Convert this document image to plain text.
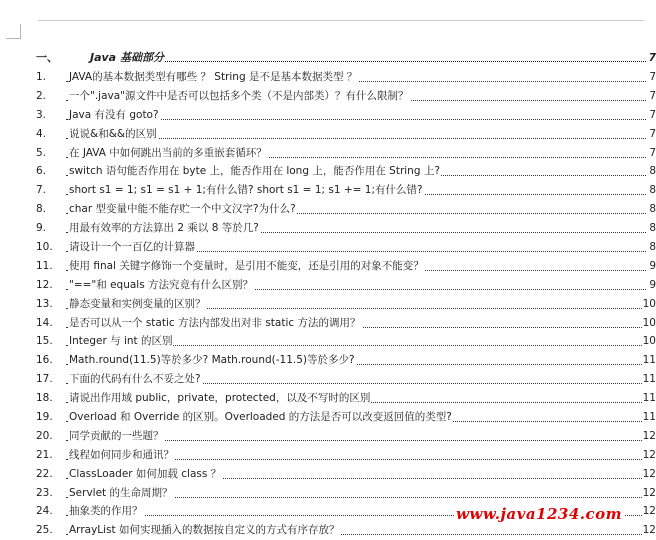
一、	Java 基础部分	7
1.	JAVA的基本数据类型有哪些 ？ String 是不是基本数据类型 ？	7
2.	一个".java"源文件中是否可以包括多个类（不是内部类）？有什么限制？	7
3.	Java 有没有 goto?	7
4.	说说&和&&的区别	7
5.	在 JAVA 中如何跳出当前的多重嵌套循环？	7
6.	switch 语句能否作用在 byte 上，能否作用在 long 上，能否作用在 String 上?	8
7.	short s1 = 1; s1 = s1 + 1;有什么错? short s1 = 1; s1 += 1;有什么错?	8
8.	char 型变量中能不能存贮一个中文汉字?为什么?	8
9.	用最有效率的方法算出 2 乘以 8 等於几?	8
10.	请设计一个一百亿的计算器	8
11.	使用 final 关键字修饰一个变量时，是引用不能变，还是引用的对象不能变？	9
12.	"=="和 equals 方法究竟有什么区别？	9
13.	静态变量和实例变量的区别？	10
14.	是否可以从一个 static 方法内部发出对非 static 方法的调用？	10
15.	Integer 与 int 的区别	10
16.	Math.round(11.5)等於多少? Math.round(-11.5)等於多少?	11
17.	下面的代码有什么不妥之处?	11
18.	请说出作用域 public，private，protected，以及不写时的区别	11
19.	Overload 和 Override 的区别。Overloaded 的方法是否可以改变返回值的类型?	11
20.	同学贡献的一些题？	12
21.	线程如何同步和通讯？	12
22.	ClassLoader 如何加载 class ？	12
23.	Servlet 的生命周期？	12
24.	抽象类的作用？	12
25.	ArrayList 如何实现插入的数据按自定义的方式有序存放？	12
www.java1234.com
